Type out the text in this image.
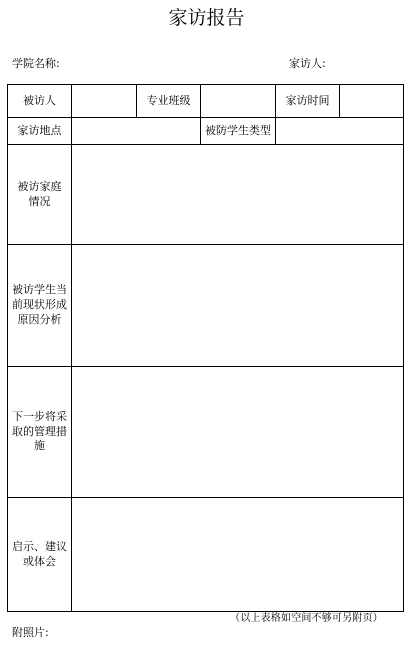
家访报告
学院名称:	家访人:
被访人		专业班级		家访时间	
家访地点			被防学生类型		

被访家庭
情况					

被访学生当
前现状形成
原因分析					

下一步将采
取的管理措
施					

启示、建议
或体会					

（以上表格如空间不够可另附页）
附照片:
